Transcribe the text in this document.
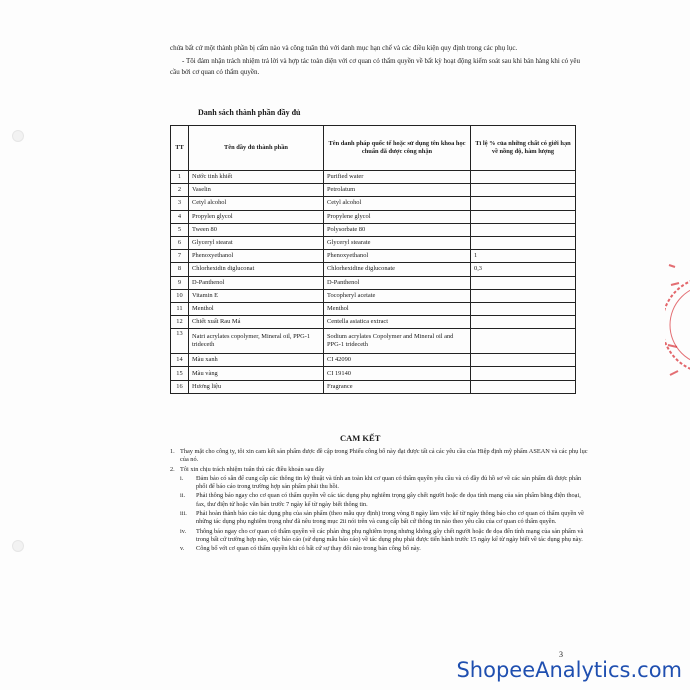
chứa bất cứ một thành phần bị cấm nào và công tuân thủ với danh mục hạn chế và các điều kiện quy định trong các phụ lục.

- Tôi đảm nhận trách nhiệm trả lời và hợp tác toàn diện với cơ quan có thẩm quyền về bất kỳ hoạt động kiểm soát sau khi bán hàng khi có yêu cầu bởi cơ quan có thẩm quyền.

Danh sách thành phần đầy đủ
TT	Tên đầy đủ thành phần	Tên danh pháp quốc tế hoặc sử dụng tên khoa học chuẩn đã được công nhận	Tỉ lệ % của những chất có giới hạn về nồng độ, hàm lượng
1	Nước tinh khiết	Purified water	
2	Vaselin	Petrolatum	
3	Cetyl alcohol	Cetyl alcohol	
4	Propylen glycol	Propylene glycol	
5	Tween 80	Polysorbate 80	
6	Glyceryl stearat	Glyceryl stearate	
7	Phenoxyethanol	Phenoxyethanol	1
8	Chlorhexidin digluconat	Chlorhexidine digluconate	0,3
9	D-Panthenol	D-Panthenol	
10	Vitamin E	Tocopheryl acetate	
11	Menthol	Menthol	
12	Chiết xuất Rau Má	Centella asiatica extract	
13	Natri acrylates copolymer, Mineral oil, PPG-1 trideceth	Sodium acrylates Copolymer and Mineral oil and PPG-1 trideceth	
14	Màu xanh	CI 42090	
15	Màu vàng	CI 19140	
16	Hương liệu	Fragrance	
CAM KẾT
1. Thay mặt cho công ty, tôi xin cam kết sản phẩm được đề cập trong Phiếu công bố này đạt được tất cả các yêu cầu của Hiệp định mỹ phẩm ASEAN và các phụ lục của nó.
2. Tôi xin chịu trách nhiệm tuân thủ các điều khoản sau đây
i.	Đảm bảo có sẵn để cung cấp các thông tin kỹ thuật và tính an toàn khi cơ quan có thẩm quyền yêu cầu và có đầy đủ hồ sơ về các sản phẩm đã được phân phối để báo cáo trong trường hợp sản phẩm phải thu hồi.
ii.	Phải thông báo ngay cho cơ quan có thẩm quyền về các tác dụng phụ nghiêm trọng gây chết người hoặc đe dọa tính mạng của sản phẩm bằng điện thoại, fax, thư điện tử hoặc văn bản trước 7 ngày kể từ ngày biết thông tin.
iii.	Phải hoàn thành báo cáo tác dụng phụ của sản phẩm (theo mẫu quy định) trong vòng 8 ngày làm việc kể từ ngày thông báo cho cơ quan có thẩm quyền về những tác dụng phụ nghiêm trọng như đã nêu trong mục 2ii nói trên và cung cấp bất cứ thông tin nào theo yêu cầu của cơ quan có thẩm quyền.
iv.	Thông báo ngay cho cơ quan có thẩm quyền về các phản ứng phụ nghiêm trọng nhưng không gây chết người hoặc đe dọa đến tính mạng của sản phẩm và trong bất cứ trường hợp nào, việc báo cáo (sử dụng mẫu báo cáo) về tác dụng phụ phải được tiến hành trước 15 ngày kể từ ngày biết về tác dụng phụ này.
v.	Công bố với cơ quan có thẩm quyền khi có bất cứ sự thay đổi nào trong bản công bố này.
3
ShopeeAnalytics.com
